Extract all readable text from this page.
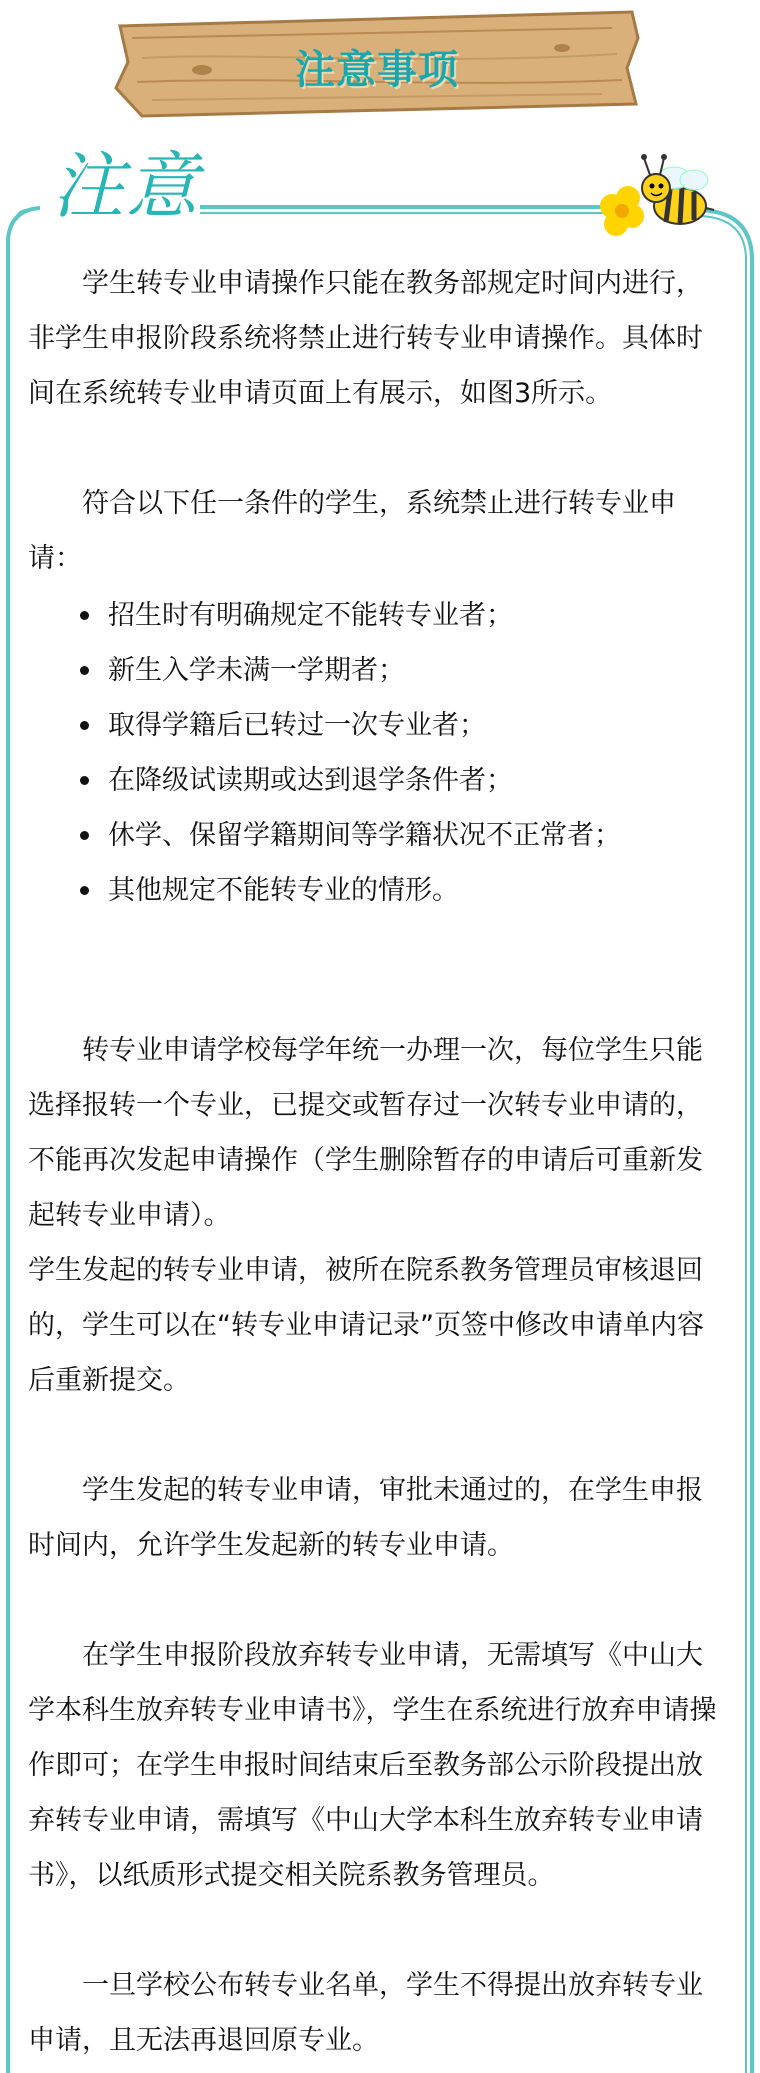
注意事项
注意

学生转专业申请操作只能在教务部规定时间内进行，非学生申报阶段系统将禁止进行转专业申请操作。具体时间在系统转专业申请页面上有展示，如图3所示。

符合以下任一条件的学生，系统禁止进行转专业申请：

招生时有明确规定不能转专业者；
新生入学未满一学期者；
取得学籍后已转过一次专业者；
在降级试读期或达到退学条件者；
休学、保留学籍期间等学籍状况不正常者；
其他规定不能转专业的情形。

转专业申请学校每学年统一办理一次，每位学生只能选择报转一个专业，已提交或暂存过一次转专业申请的，不能再次发起申请操作（学生删除暂存的申请后可重新发起转专业申请）。

学生发起的转专业申请，被所在院系教务管理员审核退回的，学生可以在“转专业申请记录”页签中修改申请单内容后重新提交。

学生发起的转专业申请，审批未通过的，在学生申报时间内，允许学生发起新的转专业申请。

在学生申报阶段放弃转专业申请，无需填写《中山大学本科生放弃转专业申请书》，学生在系统进行放弃申请操作即可；在学生申报时间结束后至教务部公示阶段提出放弃转专业申请，需填写《中山大学本科生放弃转专业申请书》，以纸质形式提交相关院系教务管理员。

一旦学校公布转专业名单，学生不得提出放弃转专业申请，且无法再退回原专业。
